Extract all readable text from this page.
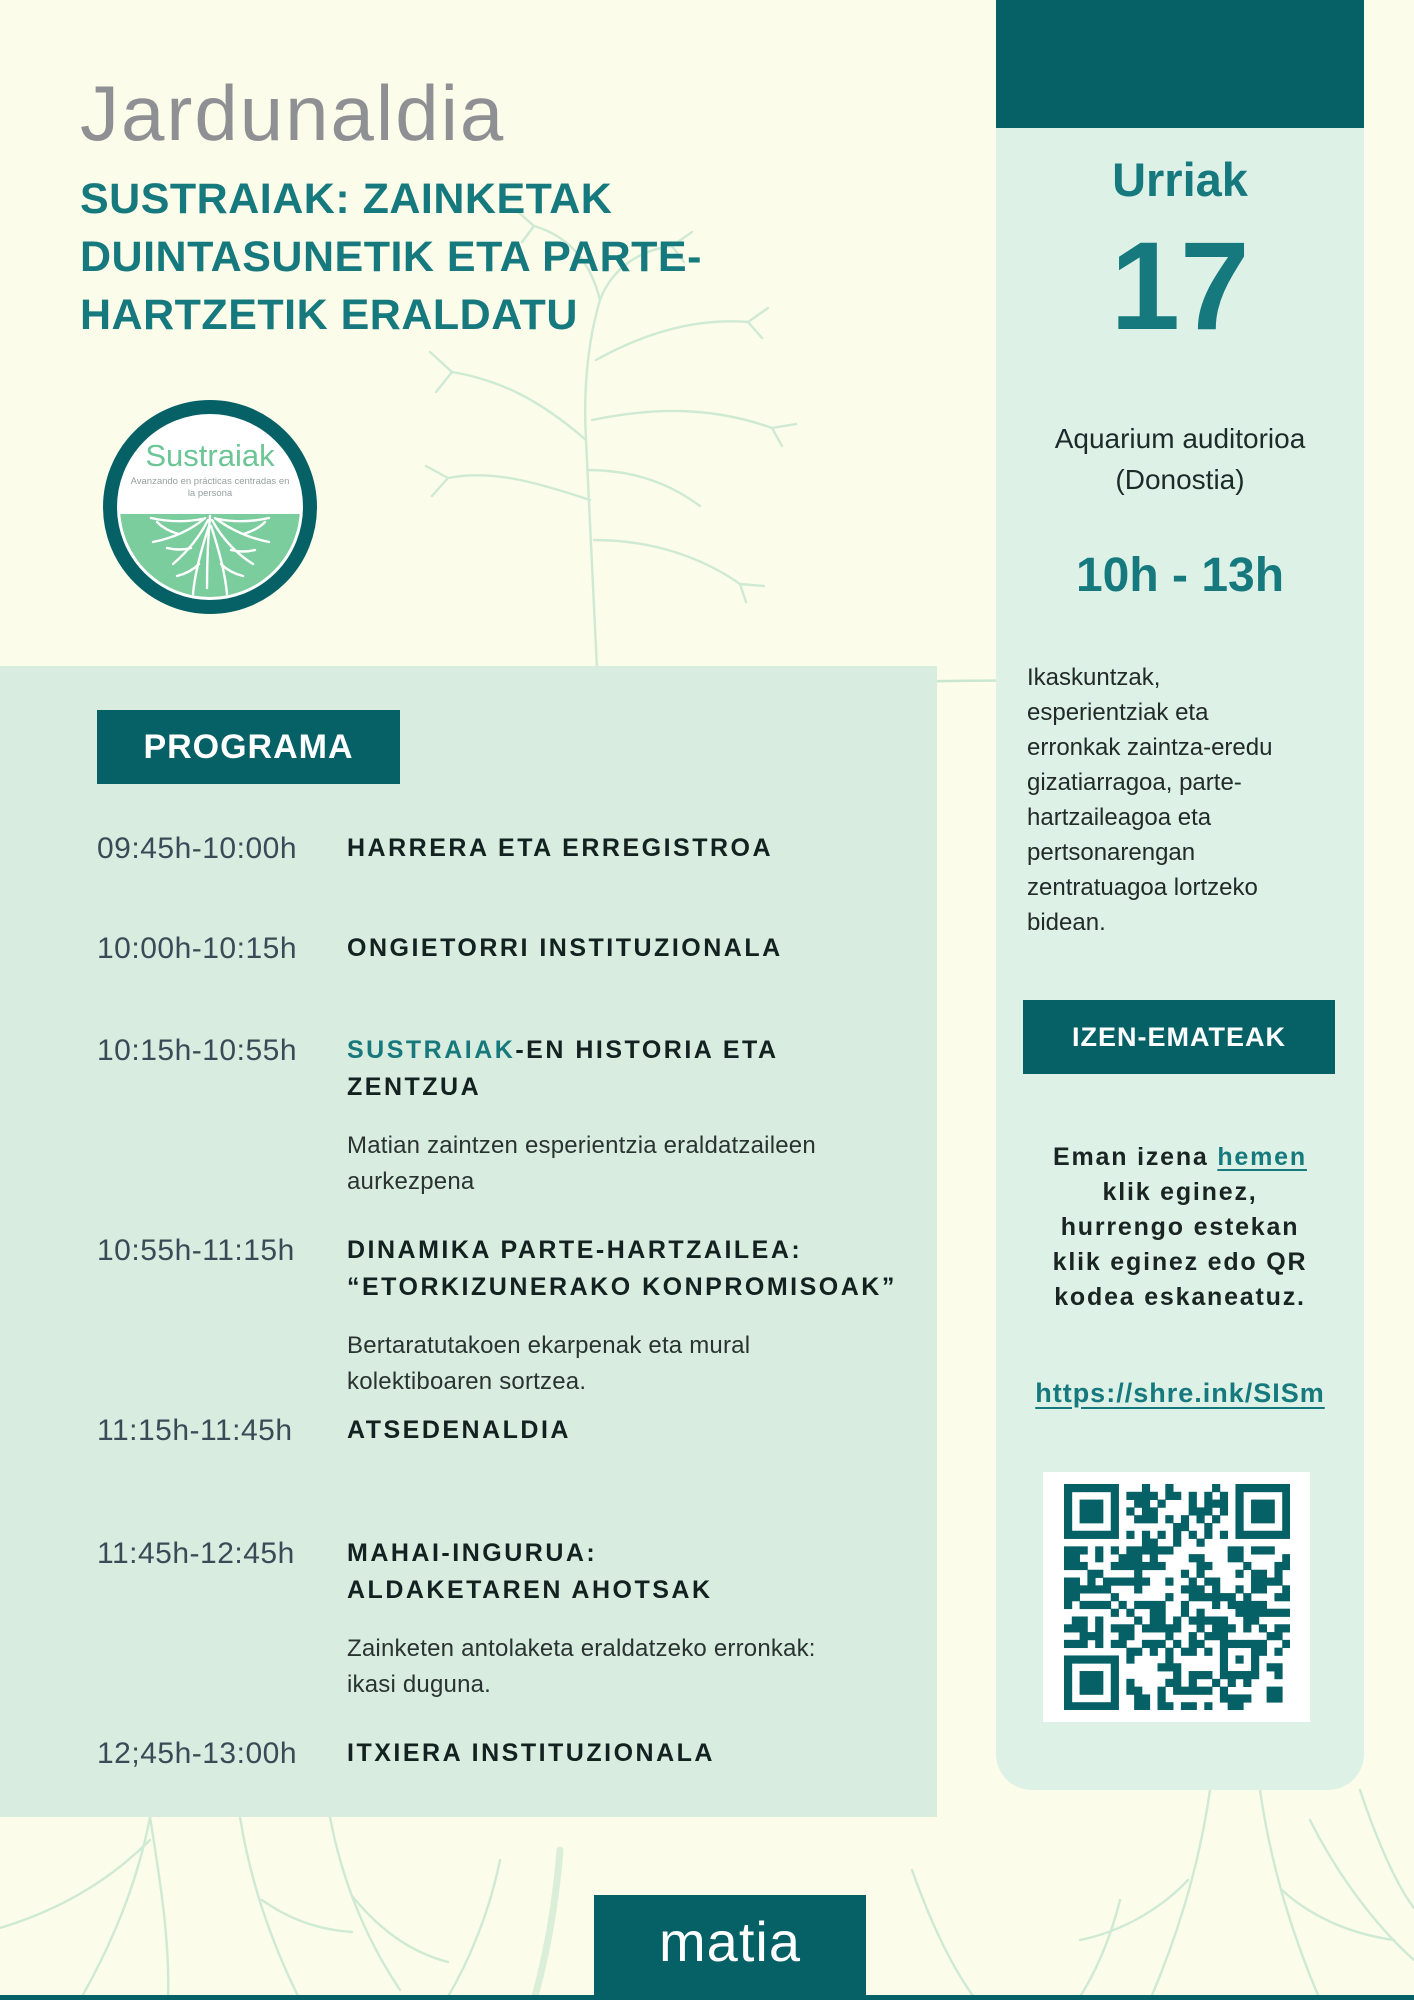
Jardunaldia
SUSTRAIAK: ZAINKETAK
DUINTASUNETIK ETA PARTE-
HARTZETIK ERALDATU
Sustraiak
Avanzando en prácticas centradas en
la persona
PROGRAMA
09:45h-10:00h	HARRERA ETA ERREGISTROA
10:00h-10:15h	ONGIETORRI INSTITUZIONALA
10:15h-10:55h	SUSTRAIAK-EN HISTORIA ETA
ZENTZUA
Matian zaintzen esperientzia eraldatzaileen
aurkezpena
10:55h-11:15h	DINAMIKA PARTE-HARTZAILEA:
“ETORKIZUNERAKO KONPROMISOAK”
Bertaratutakoen ekarpenak eta mural
kolektiboaren sortzea.
11:15h-11:45h	ATSEDENALDIA
11:45h-12:45h	MAHAI-INGURUA:
ALDAKETAREN AHOTSAK
Zainketen antolaketa eraldatzeko erronkak:
ikasi duguna.
12;45h-13:00h	ITXIERA INSTITUZIONALA
Urriak
17
Aquarium auditorioa
(Donostia)
10h - 13h
Ikaskuntzak,
esperientziak eta
erronkak zaintza-eredu
gizatiarragoa, parte-
hartzaileagoa eta
pertsonarengan
zentratuagoa lortzeko
bidean.
IZEN-EMATEAK
Eman izena hemen
klik eginez,
hurrengo estekan
klik eginez edo QR
kodea eskaneatuz.
https://shre.ink/SISm
matia
